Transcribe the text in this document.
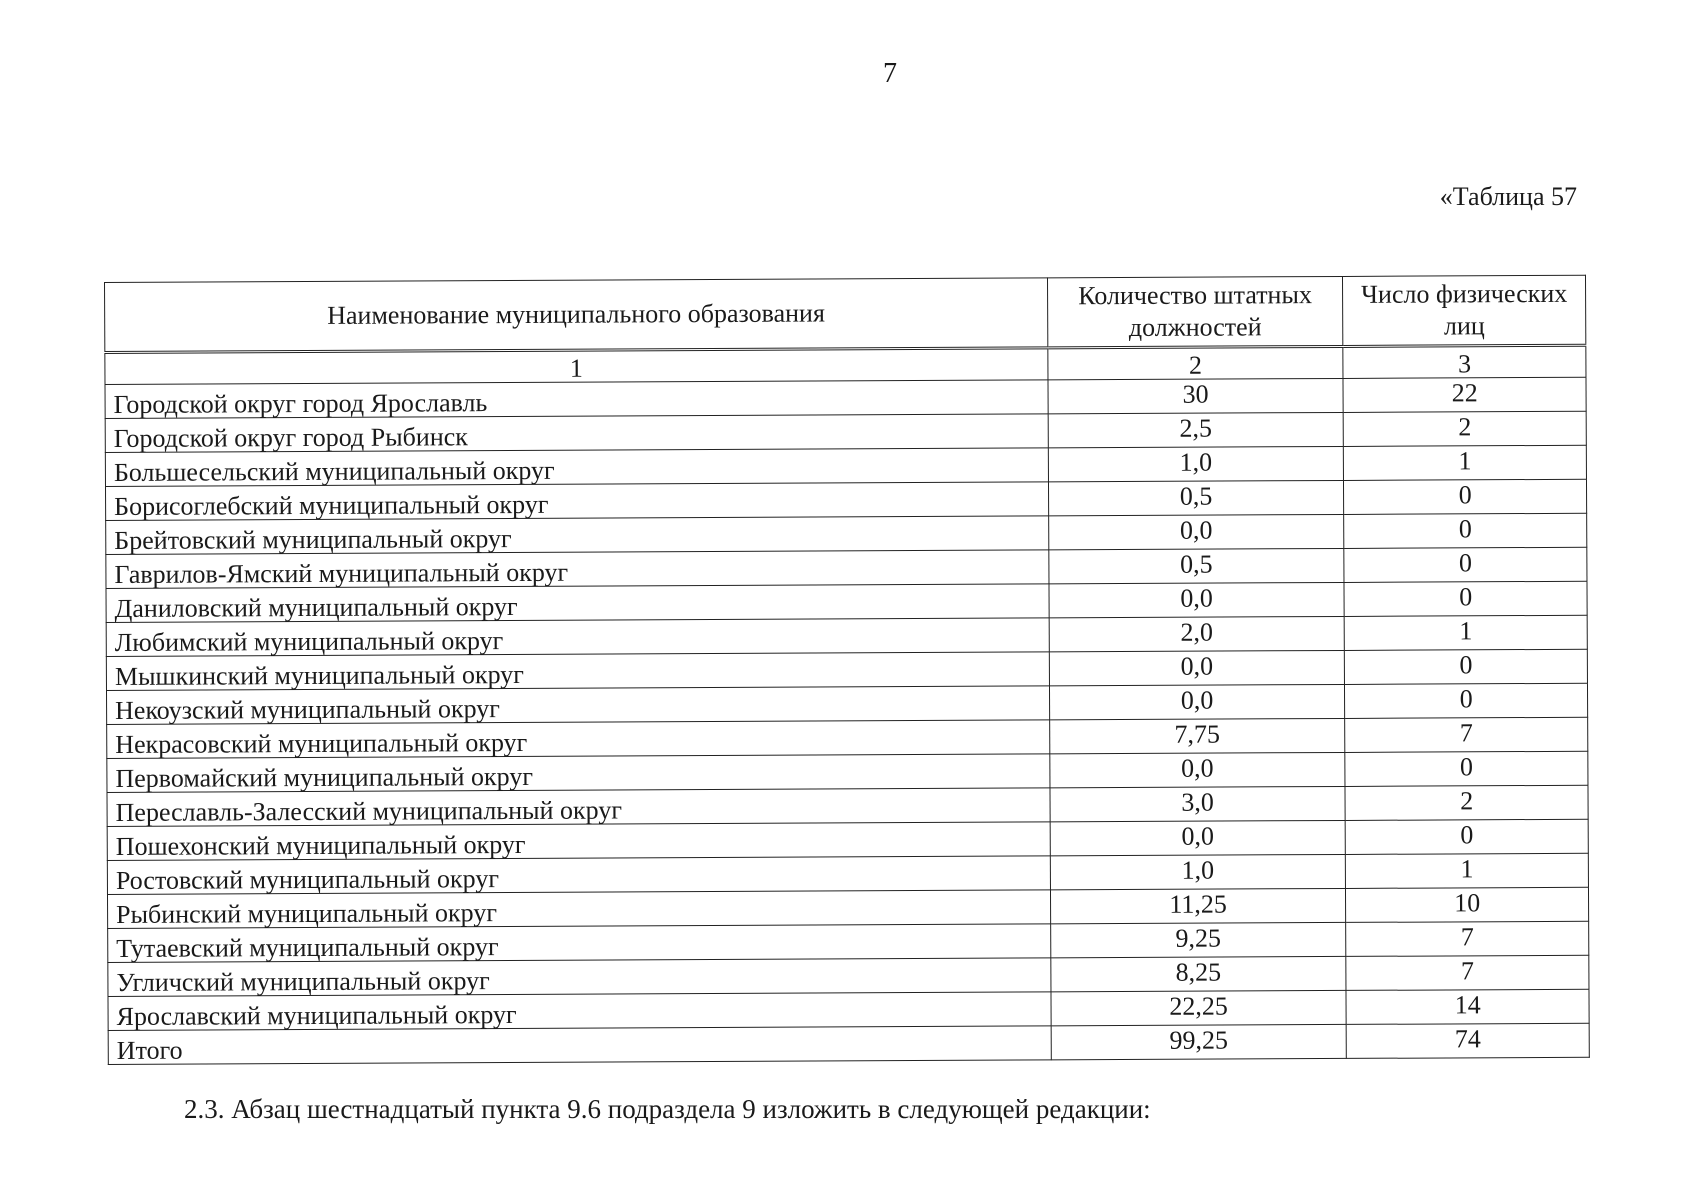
7
«Таблица 57
Наименование муниципального образования	Количество штатных должностей	Число физических лиц
1	2	3
Городской округ город Ярославль	30	22
Городской округ город Рыбинск	2,5	2
Большесельский муниципальный округ	1,0	1
Борисоглебский муниципальный округ	0,5	0
Брейтовский муниципальный округ	0,0	0
Гаврилов-Ямский муниципальный округ	0,5	0
Даниловский муниципальный округ	0,0	0
Любимский муниципальный округ	2,0	1
Мышкинский муниципальный округ	0,0	0
Некоузский муниципальный округ	0,0	0
Некрасовский муниципальный округ	7,75	7
Первомайский муниципальный округ	0,0	0
Переславль-Залесский муниципальный округ	3,0	2
Пошехонский муниципальный округ	0,0	0
Ростовский муниципальный округ	1,0	1
Рыбинский муниципальный округ	11,25	10
Тутаевский муниципальный округ	9,25	7
Угличский муниципальный округ	8,25	7
Ярославский муниципальный округ	22,25	14
Итого	99,25	74
2.3. Абзац шестнадцатый пункта 9.6 подраздела 9 изложить в следующей редакции:
